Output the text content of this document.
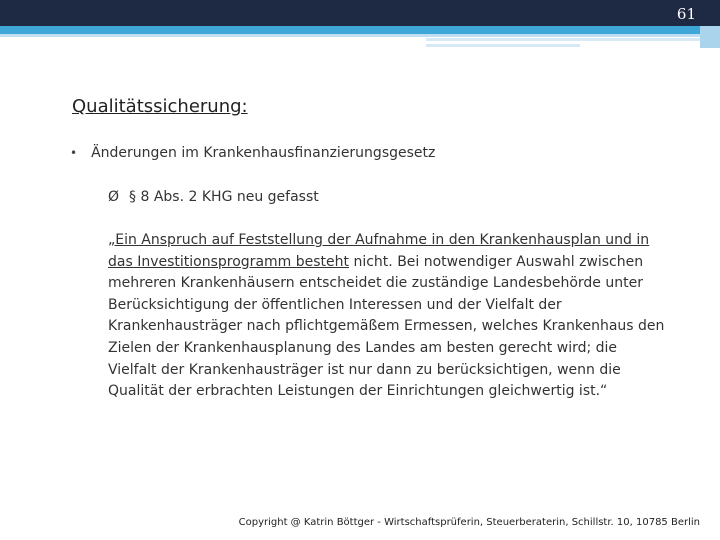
61
Qualitätssicherung:
• Änderungen im Krankenhausfinanzierungsgesetz
Ø § 8 Abs. 2 KHG neu gefasst

„Ein Anspruch auf Feststellung der Aufnahme in den Krankenhausplan und in das Investitionsprogramm besteht nicht. Bei notwendiger Auswahl zwischen mehreren Krankenhäusern entscheidet die zuständige Landesbehörde unter Berücksichtigung der öffentlichen Interessen und der Vielfalt der Krankenhausträger nach pflichtgemäßem Ermessen, welches Krankenhaus den Zielen der Krankenhausplanung des Landes am besten gerecht wird; die Vielfalt der Krankenhausträger ist nur dann zu berücksichtigen, wenn die Qualität der erbrachten Leistungen der Einrichtungen gleichwertig ist.“

Copyright @ Katrin Böttger - Wirtschaftsprüferin, Steuerberaterin, Schillstr. 10, 10785 Berlin
